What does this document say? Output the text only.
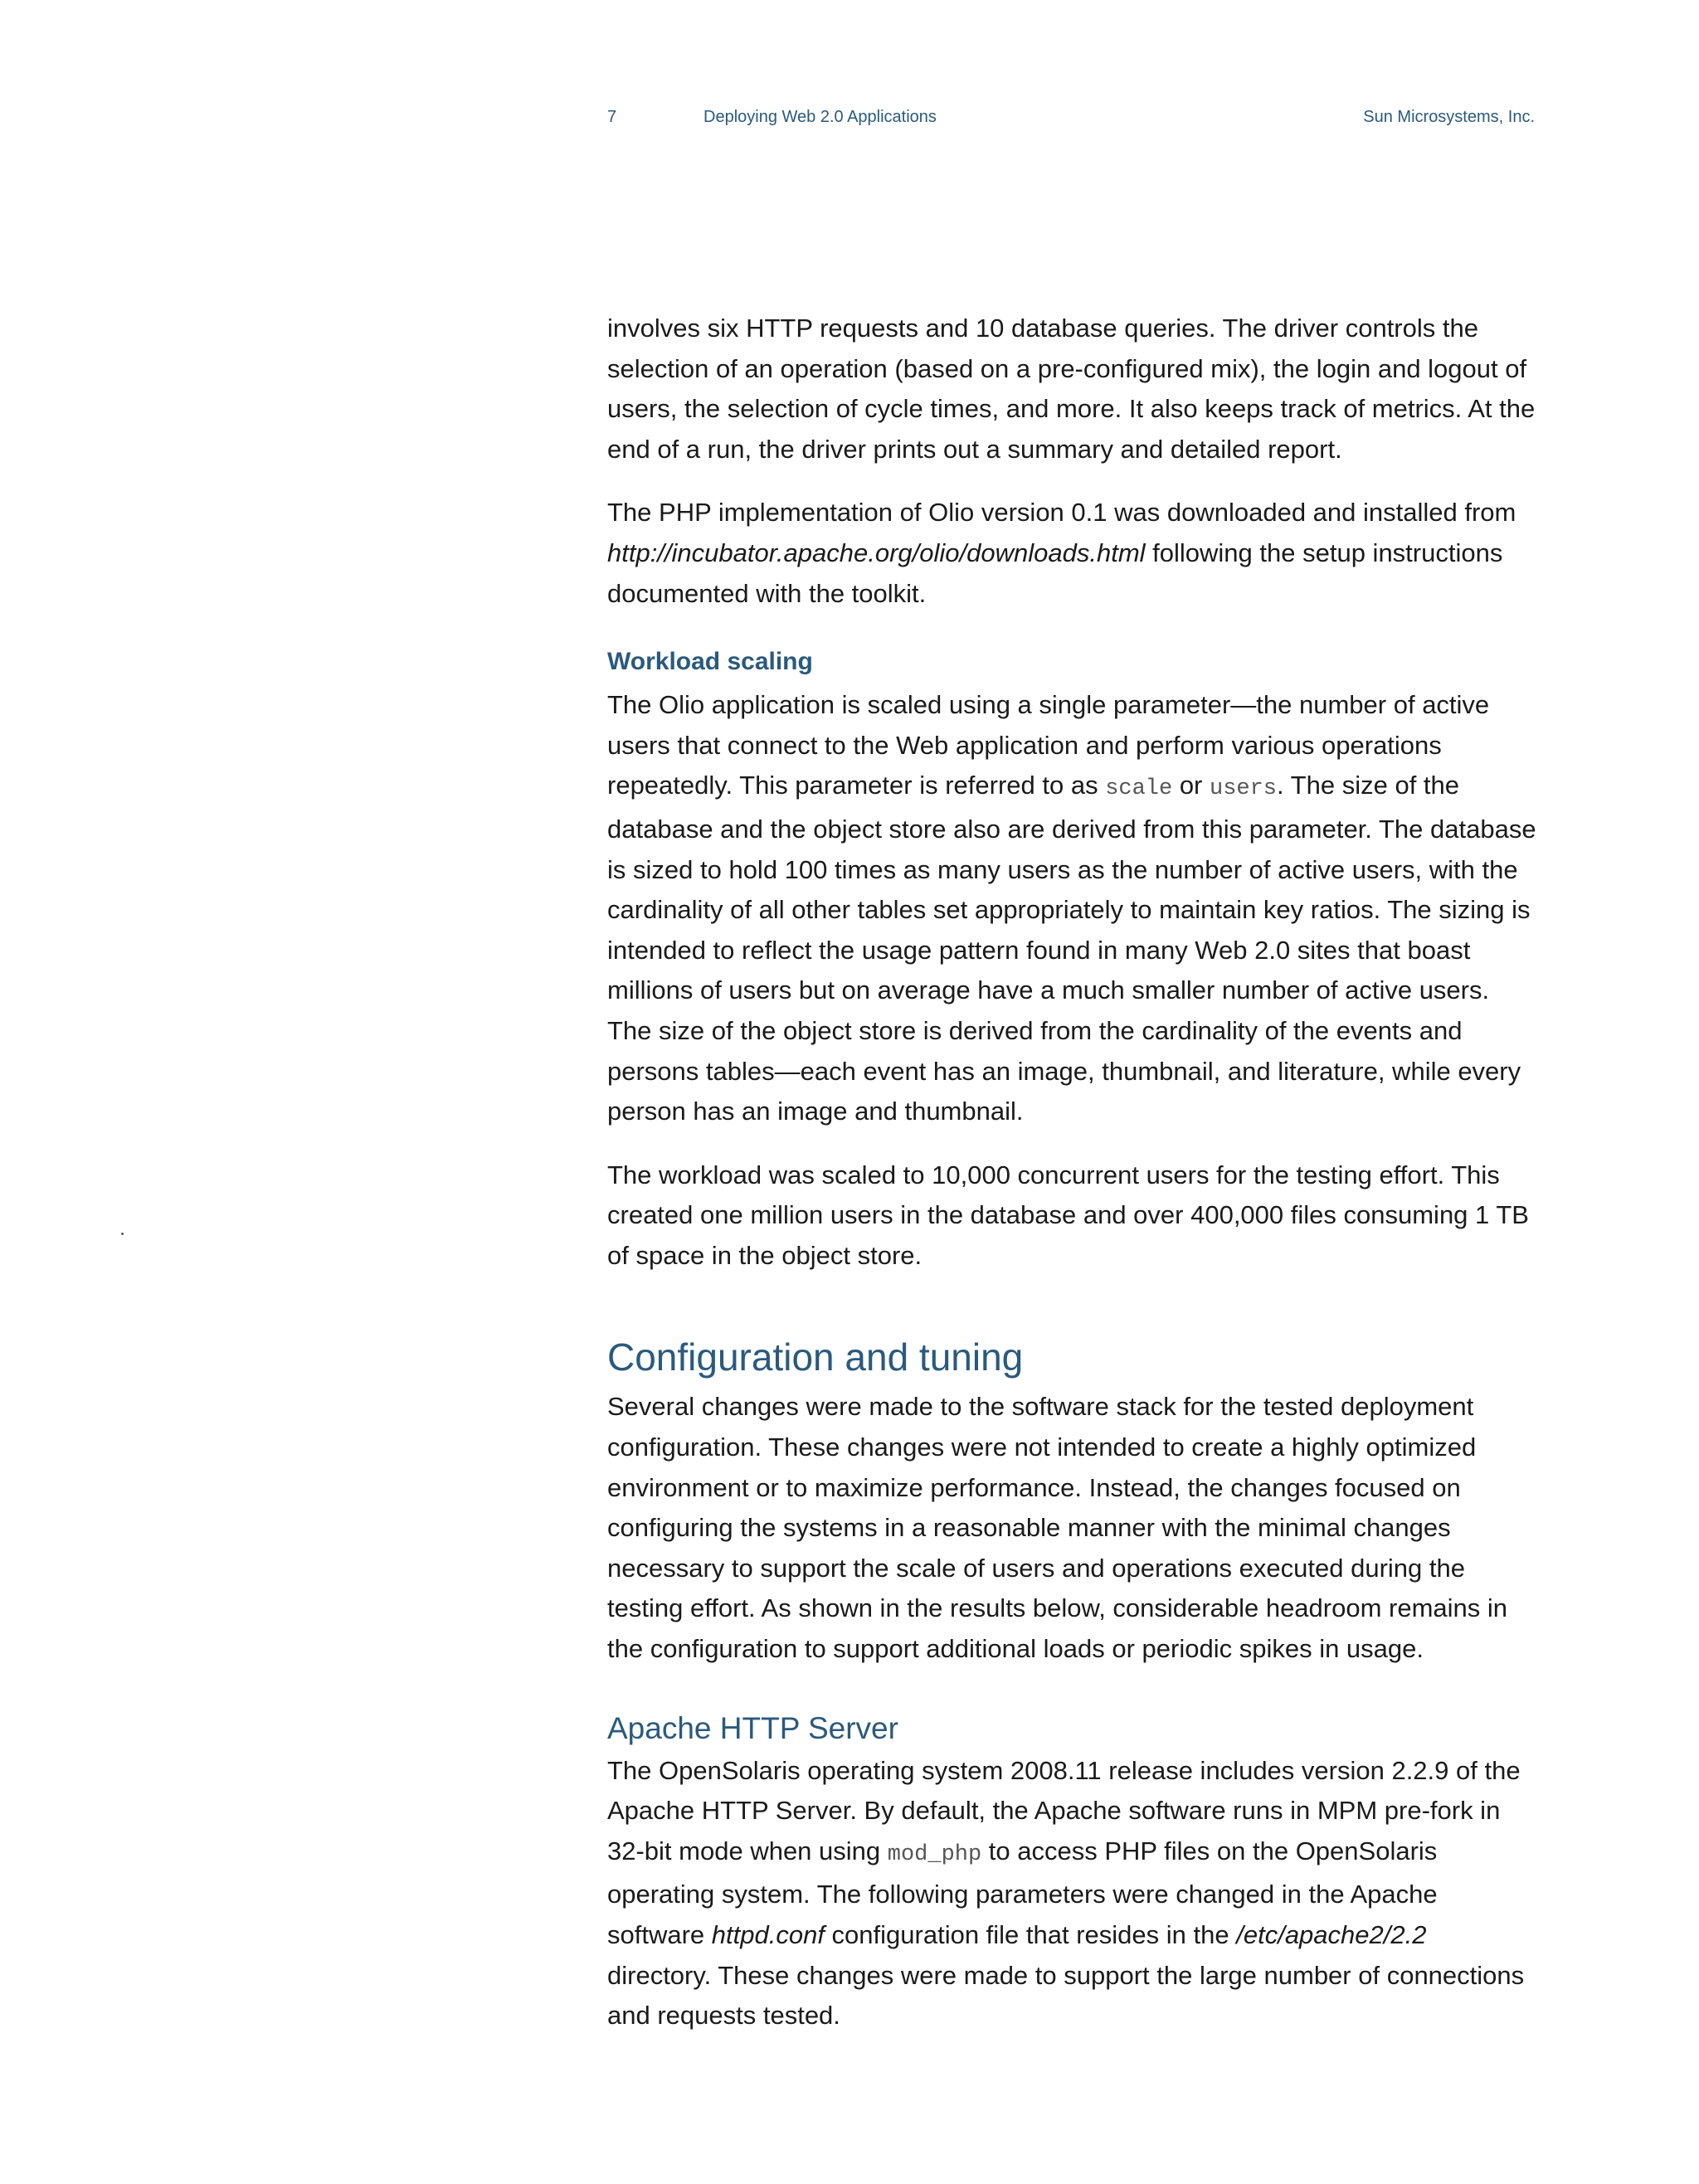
7	Deploying Web 2.0 Applications	Sun Microsystems, Inc.

involves six HTTP requests and 10 database queries. The driver controls the selection of an operation (based on a pre-configured mix), the login and logout of users, the selection of cycle times, and more. It also keeps track of metrics. At the end of a run, the driver prints out a summary and detailed report.

The PHP implementation of Olio version 0.1 was downloaded and installed from http://incubator.apache.org/olio/downloads.html following the setup instructions documented with the toolkit.

Workload scaling

The Olio application is scaled using a single parameter—the number of active users that connect to the Web application and perform various operations repeatedly. This parameter is referred to as scale or users. The size of the database and the object store also are derived from this parameter. The database is sized to hold 100 times as many users as the number of active users, with the cardinality of all other tables set appropriately to maintain key ratios. The sizing is intended to reflect the usage pattern found in many Web 2.0 sites that boast millions of users but on average have a much smaller number of active users. The size of the object store is derived from the cardinality of the events and persons tables—each event has an image, thumbnail, and literature, while every person has an image and thumbnail.

The workload was scaled to 10,000 concurrent users for the testing effort. This created one million users in the database and over 400,000 files consuming 1 TB of space in the object store.

Configuration and tuning

Several changes were made to the software stack for the tested deployment configuration. These changes were not intended to create a highly optimized environment or to maximize performance. Instead, the changes focused on configuring the systems in a reasonable manner with the minimal changes necessary to support the scale of users and operations executed during the testing effort. As shown in the results below, considerable headroom remains in the configuration to support additional loads or periodic spikes in usage.

Apache HTTP Server

The OpenSolaris operating system 2008.11 release includes version 2.2.9 of the Apache HTTP Server. By default, the Apache software runs in MPM pre-fork in 32-bit mode when using mod_php to access PHP files on the OpenSolaris operating system. The following parameters were changed in the Apache software httpd.conf configuration file that resides in the /etc/apache2/2.2 directory. These changes were made to support the large number of connections and requests tested.
